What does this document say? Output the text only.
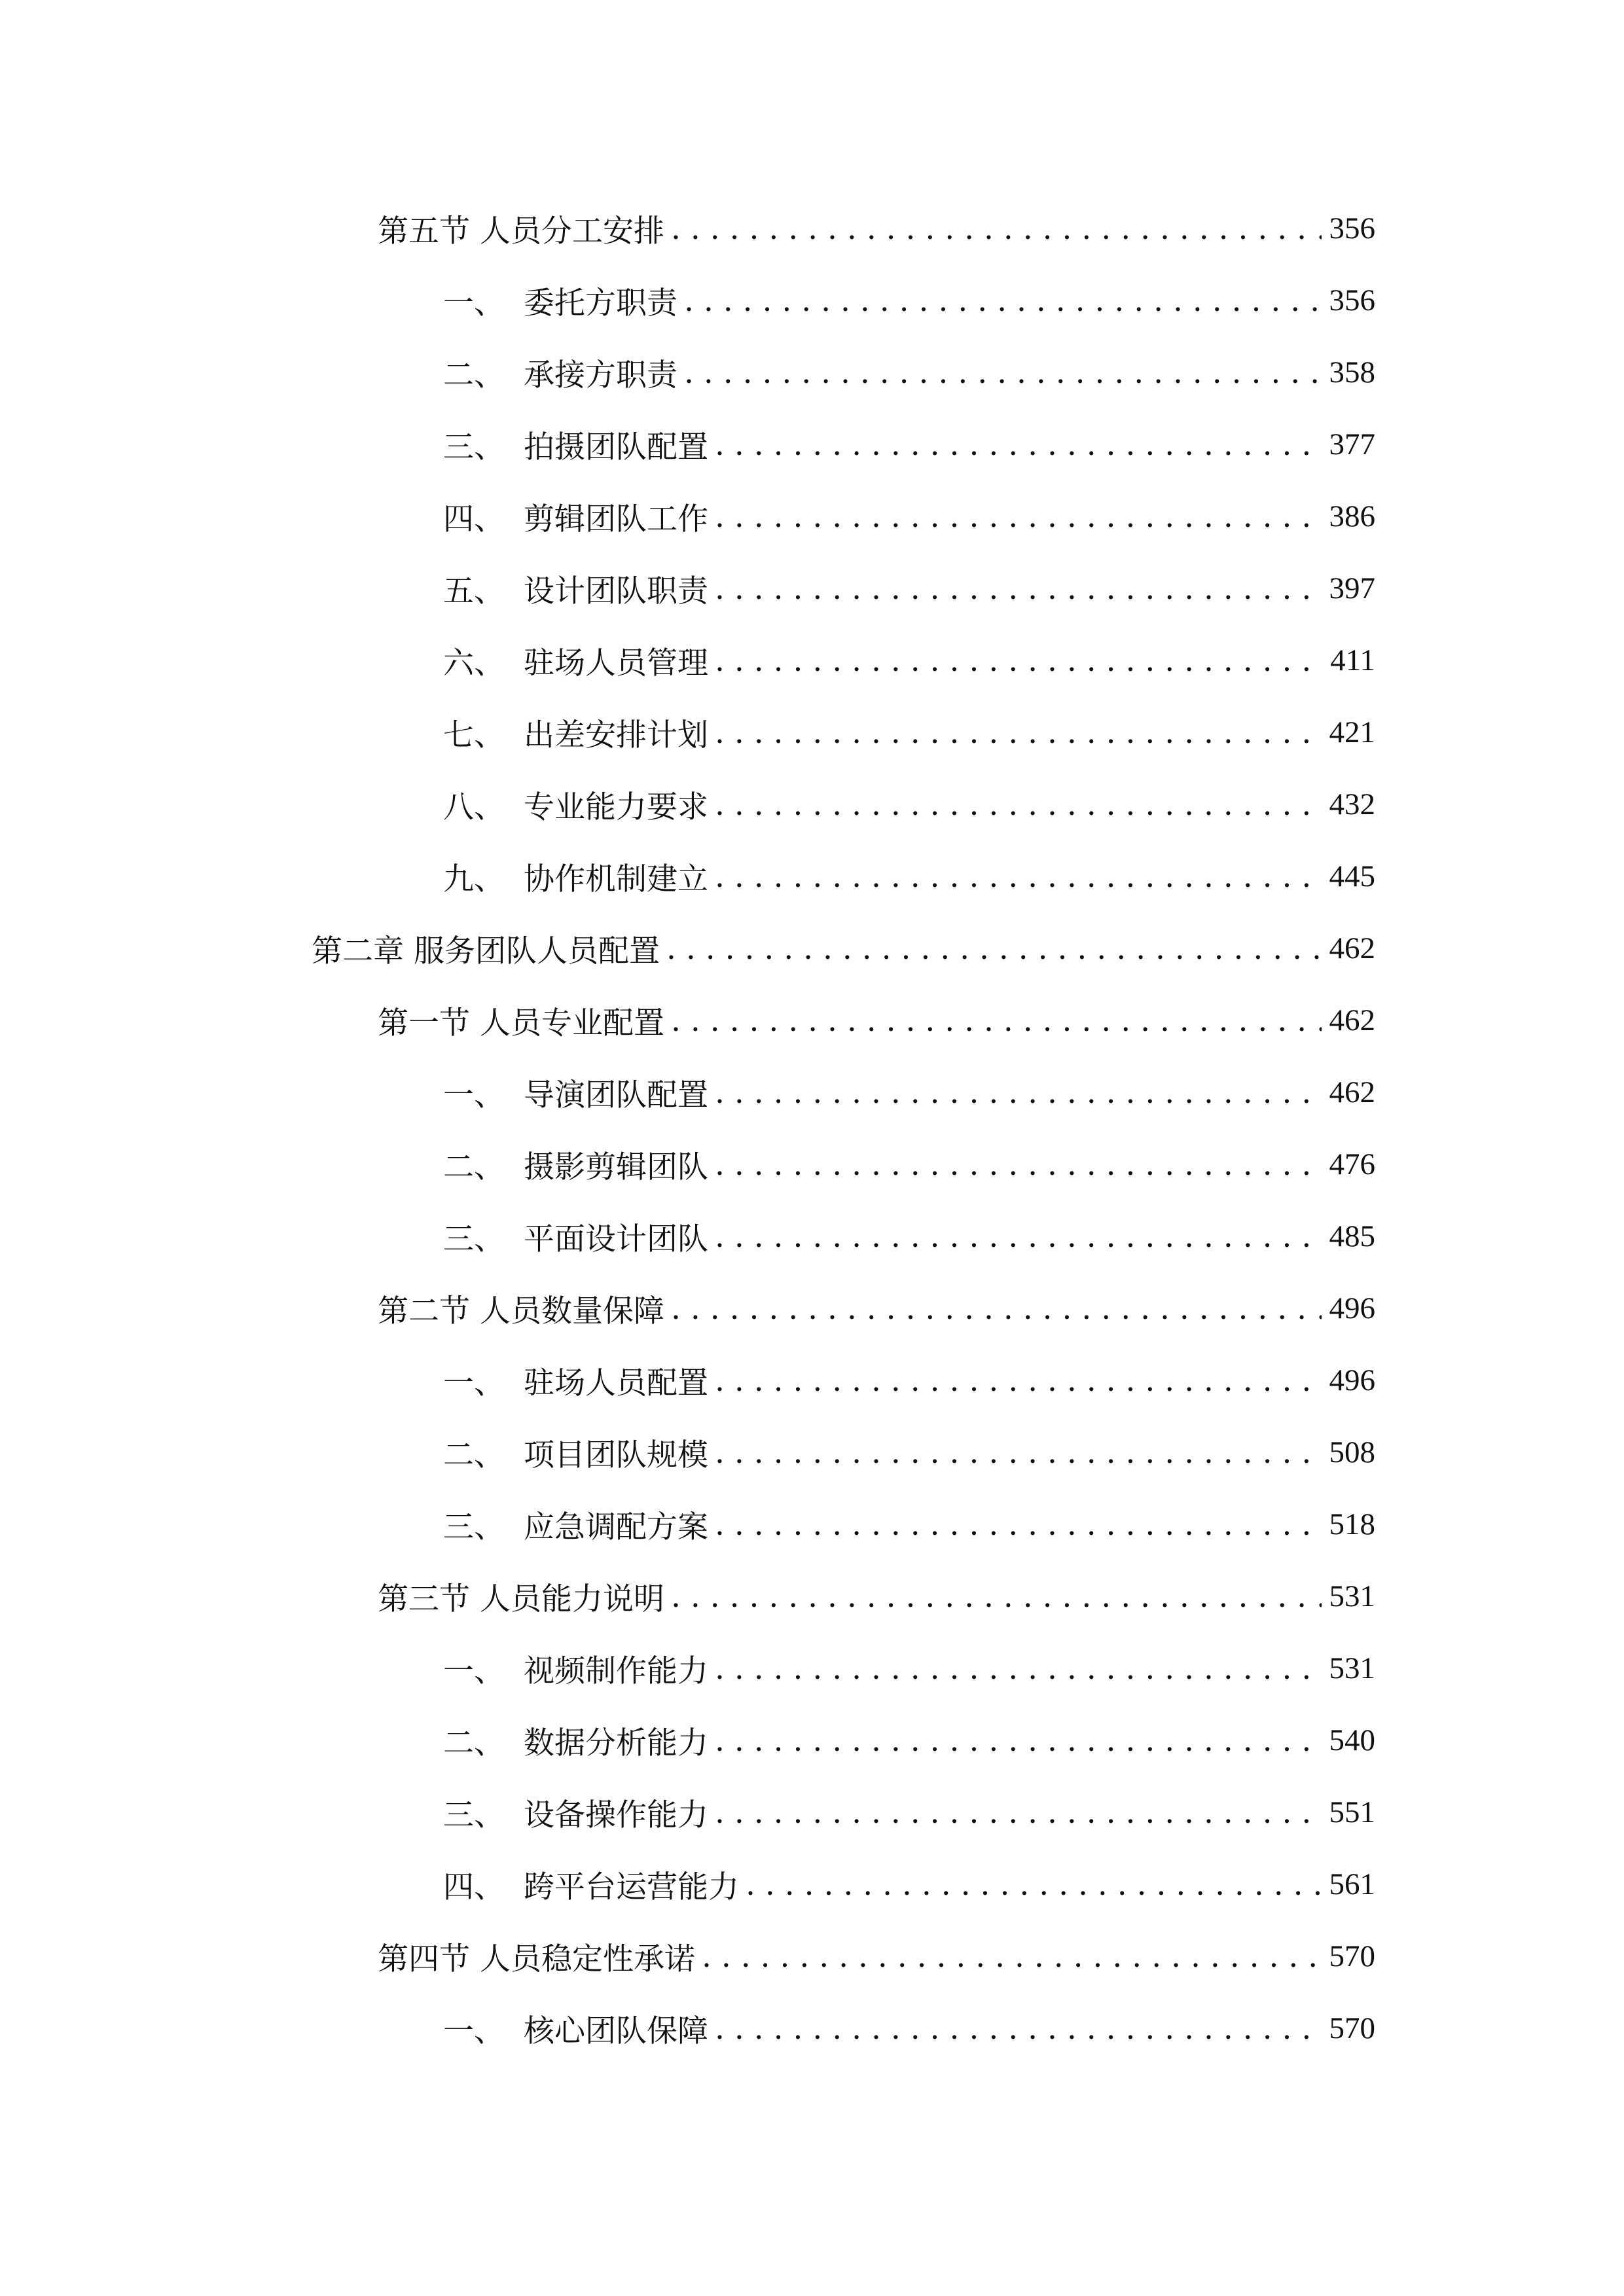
第五节 人员分工安排 . . .	356
一、 委托方职责 . . .	356
二、 承接方职责 . . .	358
三、 拍摄团队配置 . . .	377
四、 剪辑团队工作 . . .	386
五、 设计团队职责 . . .	397
六、 驻场人员管理 . . .	411
七、 出差安排计划 . . .	421
八、 专业能力要求 . . .	432
九、 协作机制建立 . . .	445
第二章 服务团队人员配置 . . .	462
第一节 人员专业配置 . . .	462
一、 导演团队配置 . . .	462
二、 摄影剪辑团队 . . .	476
三、 平面设计团队 . . .	485
第二节 人员数量保障 . . .	496
一、 驻场人员配置 . . .	496
二、 项目团队规模 . . .	508
三、 应急调配方案 . . .	518
第三节 人员能力说明 . . .	531
一、 视频制作能力 . . .	531
二、 数据分析能力 . . .	540
三、 设备操作能力 . . .	551
四、 跨平台运营能力 . . .	561
第四节 人员稳定性承诺 . . .	570
一、 核心团队保障 . . .	570
